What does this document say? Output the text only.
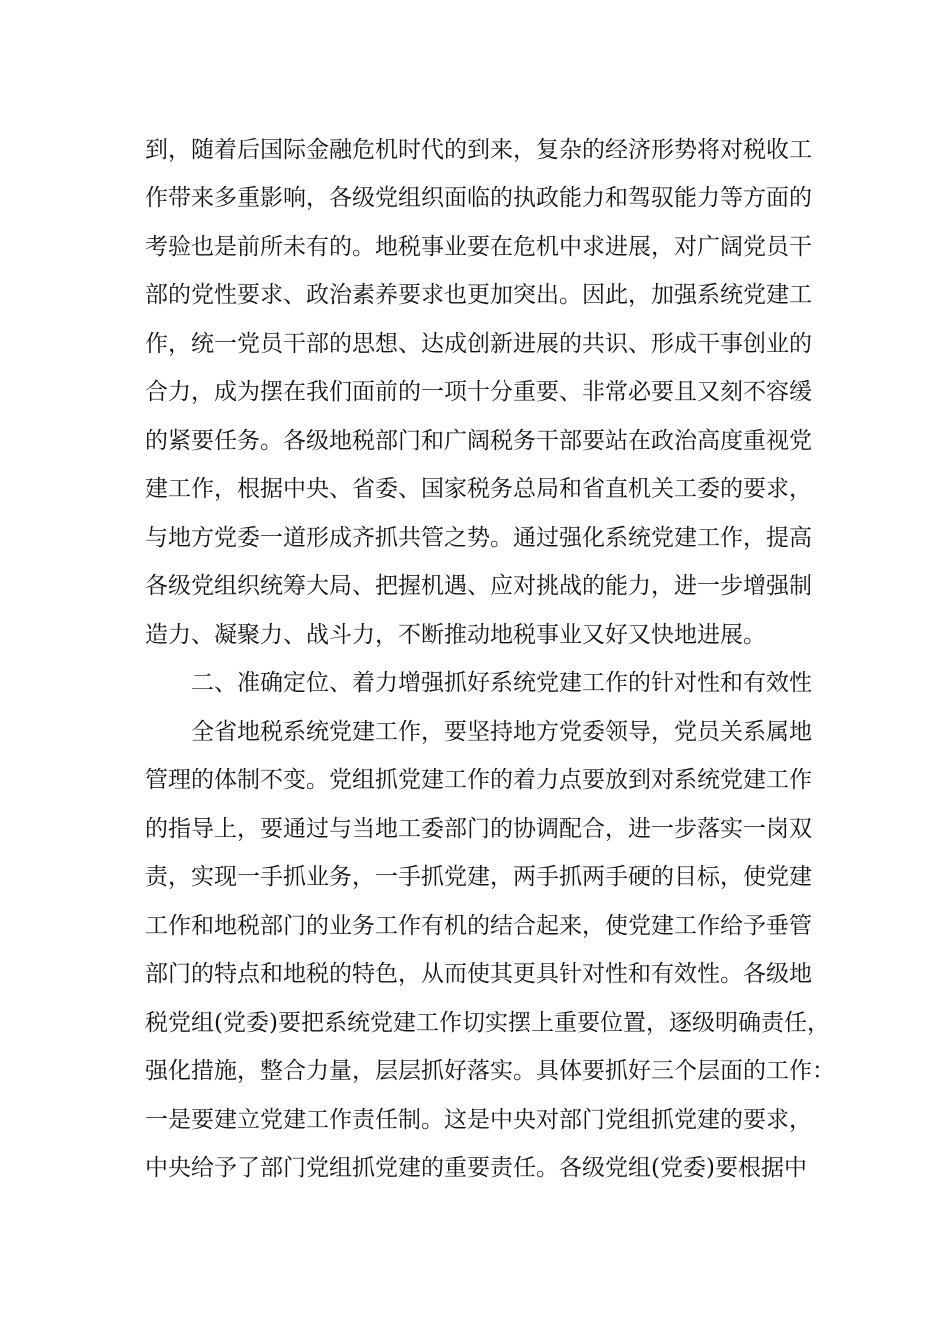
到，随着后国际金融危机时代的到来，复杂的经济形势将对税收工
作带来多重影响，各级党组织面临的执政能力和驾驭能力等方面的
考验也是前所未有的。地税事业要在危机中求进展，对广阔党员干
部的党性要求、政治素养要求也更加突出。因此，加强系统党建工
作，统一党员干部的思想、达成创新进展的共识、形成干事创业的
合力，成为摆在我们面前的一项十分重要、非常必要且又刻不容缓
的紧要任务。各级地税部门和广阔税务干部要站在政治高度重视党
建工作，根据中央、省委、国家税务总局和省直机关工委的要求，
与地方党委一道形成齐抓共管之势。通过强化系统党建工作，提高
各级党组织统筹大局、把握机遇、应对挑战的能力，进一步增强制
造力、凝聚力、战斗力，不断推动地税事业又好又快地进展。
二、准确定位、着力增强抓好系统党建工作的针对性和有效性
全省地税系统党建工作，要坚持地方党委领导，党员关系属地
管理的体制不变。党组抓党建工作的着力点要放到对系统党建工作
的指导上，要通过与当地工委部门的协调配合，进一步落实一岗双
责，实现一手抓业务，一手抓党建，两手抓两手硬的目标，使党建
工作和地税部门的业务工作有机的结合起来，使党建工作给予垂管
部门的特点和地税的特色，从而使其更具针对性和有效性。各级地
税党组(党委)要把系统党建工作切实摆上重要位置，逐级明确责任，
强化措施，整合力量，层层抓好落实。具体要抓好三个层面的工作：
一是要建立党建工作责任制。这是中央对部门党组抓党建的要求，
中央给予了部门党组抓党建的重要责任。各级党组(党委)要根据中
